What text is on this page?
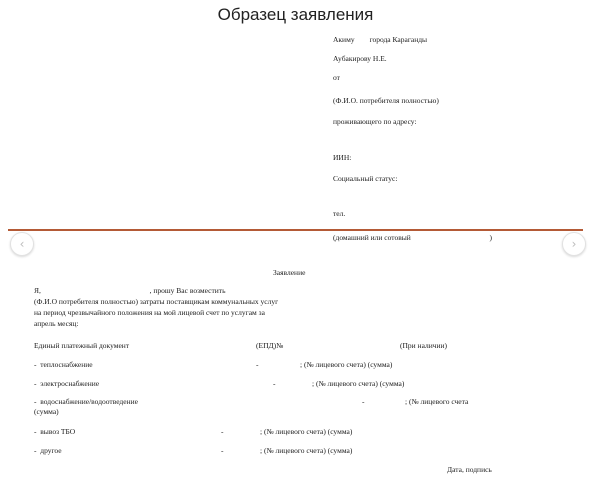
Образец заявления
Акиму        города Караганды
Аубакирову Н.Е.
от
(Ф.И.О. потребителя полностью)
проживающего по адресу:
ИИН:
Социальный статус:
тел.
(домашний или сотовый                                          )
‹	›
Заявление
Я,                                                          , прошу Вас возместить
(Ф.И.О потребителя полностью) затраты поставщикам коммунальных услуг
на период чрезвычайного положения на мой лицевой счет по услугам за
апрель месяц:
Единый платежный документ	(ЕПД)№	(При наличии)
-  теплоснабжение	-	; (№ лицевого счета) (сумма)
-  электроснабжение	-	; (№ лицевого счета) (сумма)
-  водоснабжение/водоотведение	-	; (№ лицевого счета
(сумма)
-  вывоз ТБО	-	; (№ лицевого счета) (сумма)
-  другое	-	; (№ лицевого счета) (сумма)
Дата, подпись
